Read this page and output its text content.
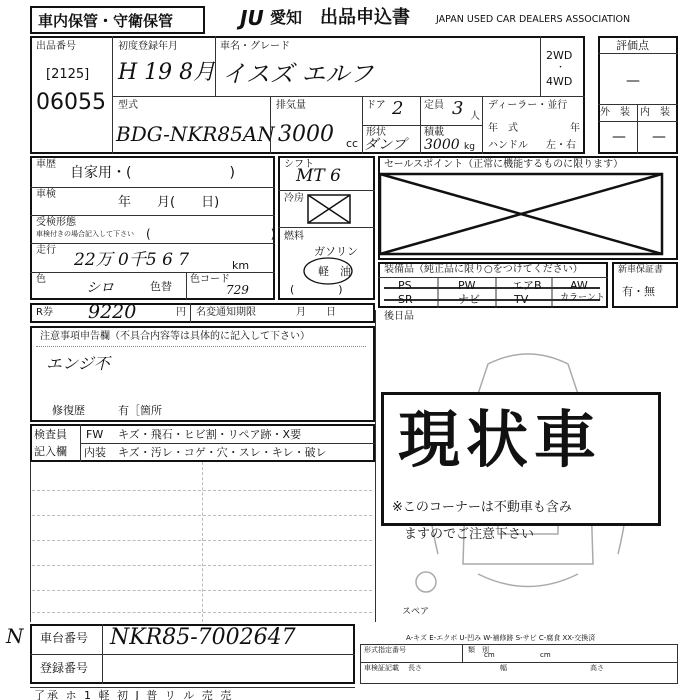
車内保管・守衛保管	JU 愛知 出品申込書	JAPAN USED CAR DEALERS ASSOCIATION
出品番号
[2125]
06055
初度登録年月
H 19 8月
車名・グレード
イスズ エルフ
2WD
・
4WD
型式
BDG-NKR85AN
排気量
3000 cc
ドア 2 定員 3 人
形状
ダンプ
積載
3000 kg
ディーラー・並行
年　式	年
ハンドル 左・右
評価点
—
外　装 内　装
— —
車歴
自家用・(　　　　　　　)
車検
年　　月(　　日)
受検形態
車検付きの場合記入して下さい (　　　　　　　　　　)
走行 22万 0千5 6 7	km
色
シロ	色替
色コード
729
シフト
MT 6
冷房
燃料
ガソリン
軽　油
(　　　　)
セールスポイント（正常に機能するものに限ります）
装備品（純正品に限り○をつけてください）
PS	PW	エアB	AW
SR	ナビ	TV	カラーント
新車保証書
有・無
R券 9220	円 名変通知期限	月　　日	後日品
注意事項申告欄（不具合内容等は具体的に記入して下さい）
エンジ不
修復歴	有［箇所
検査員
記入欄
FW キズ・飛石・ヒビ割・リペア跡・X要
内装 キズ・汚レ・コゲ・穴・スレ・キレ・破レ
スペア
現状車
※このコーナーは不動車も含み
ますのでご注意下さい
A-キズ E-エクボ U-凹み W-補修跡 S-サビ C-腐食 XX-交換済
N 車台番号 NKR85-7002647
登録番号
形式指定番号	類　別
車検証記載 長さ	幅
cm	cm
高さ
了承 ホ 1 軽 初 J 普 リ ル 売 売
